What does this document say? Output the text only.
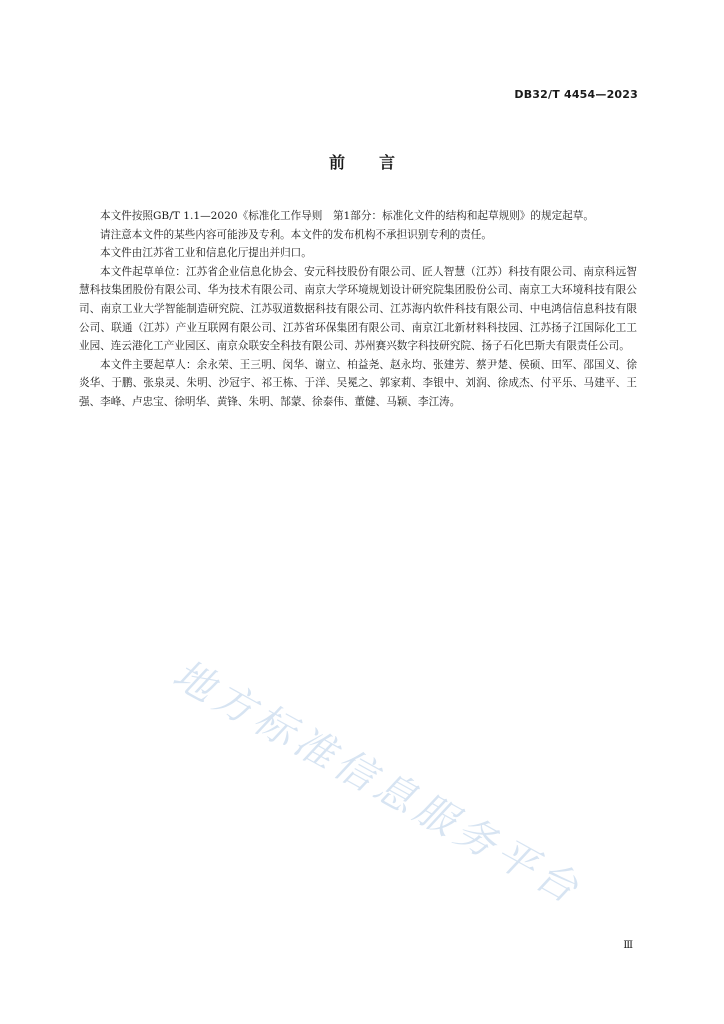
DB32/T 4454—2023
前 言

本文件按照GB/T 1.1—2020《标准化工作导则　第1部分：标准化文件的结构和起草规则》的规定起草。

请注意本文件的某些内容可能涉及专利。本文件的发布机构不承担识别专利的责任。

本文件由江苏省工业和信息化厅提出并归口。

本文件起草单位：江苏省企业信息化协会、安元科技股份有限公司、匠人智慧（江苏）科技有限公司、南京科远智慧科技集团股份有限公司、华为技术有限公司、南京大学环境规划设计研究院集团股份公司、南京工大环境科技有限公司、南京工业大学智能制造研究院、江苏驭道数据科技有限公司、江苏海内软件科技有限公司、中电鸿信信息科技有限公司、联通（江苏）产业互联网有限公司、江苏省环保集团有限公司、南京江北新材料科技园、江苏扬子江国际化工工业园、连云港化工产业园区、南京众联安全科技有限公司、苏州赛兴数字科技研究院、扬子石化巴斯夫有限责任公司。

本文件主要起草人：余永荣、王三明、闵华、谢立、柏益尧、赵永均、张建芳、蔡尹楚、侯硕、田军、邵国义、徐炎华、于鹏、张泉灵、朱明、沙冠宇、祁王栋、于洋、吴冕之、郭家莉、李银中、刘润、徐成杰、付平乐、马建平、王强、李峰、卢忠宝、徐明华、黄锋、朱明、郜蒙、徐泰伟、董健、马颖、李江涛。

地方标准信息服务平台
Ⅲ
